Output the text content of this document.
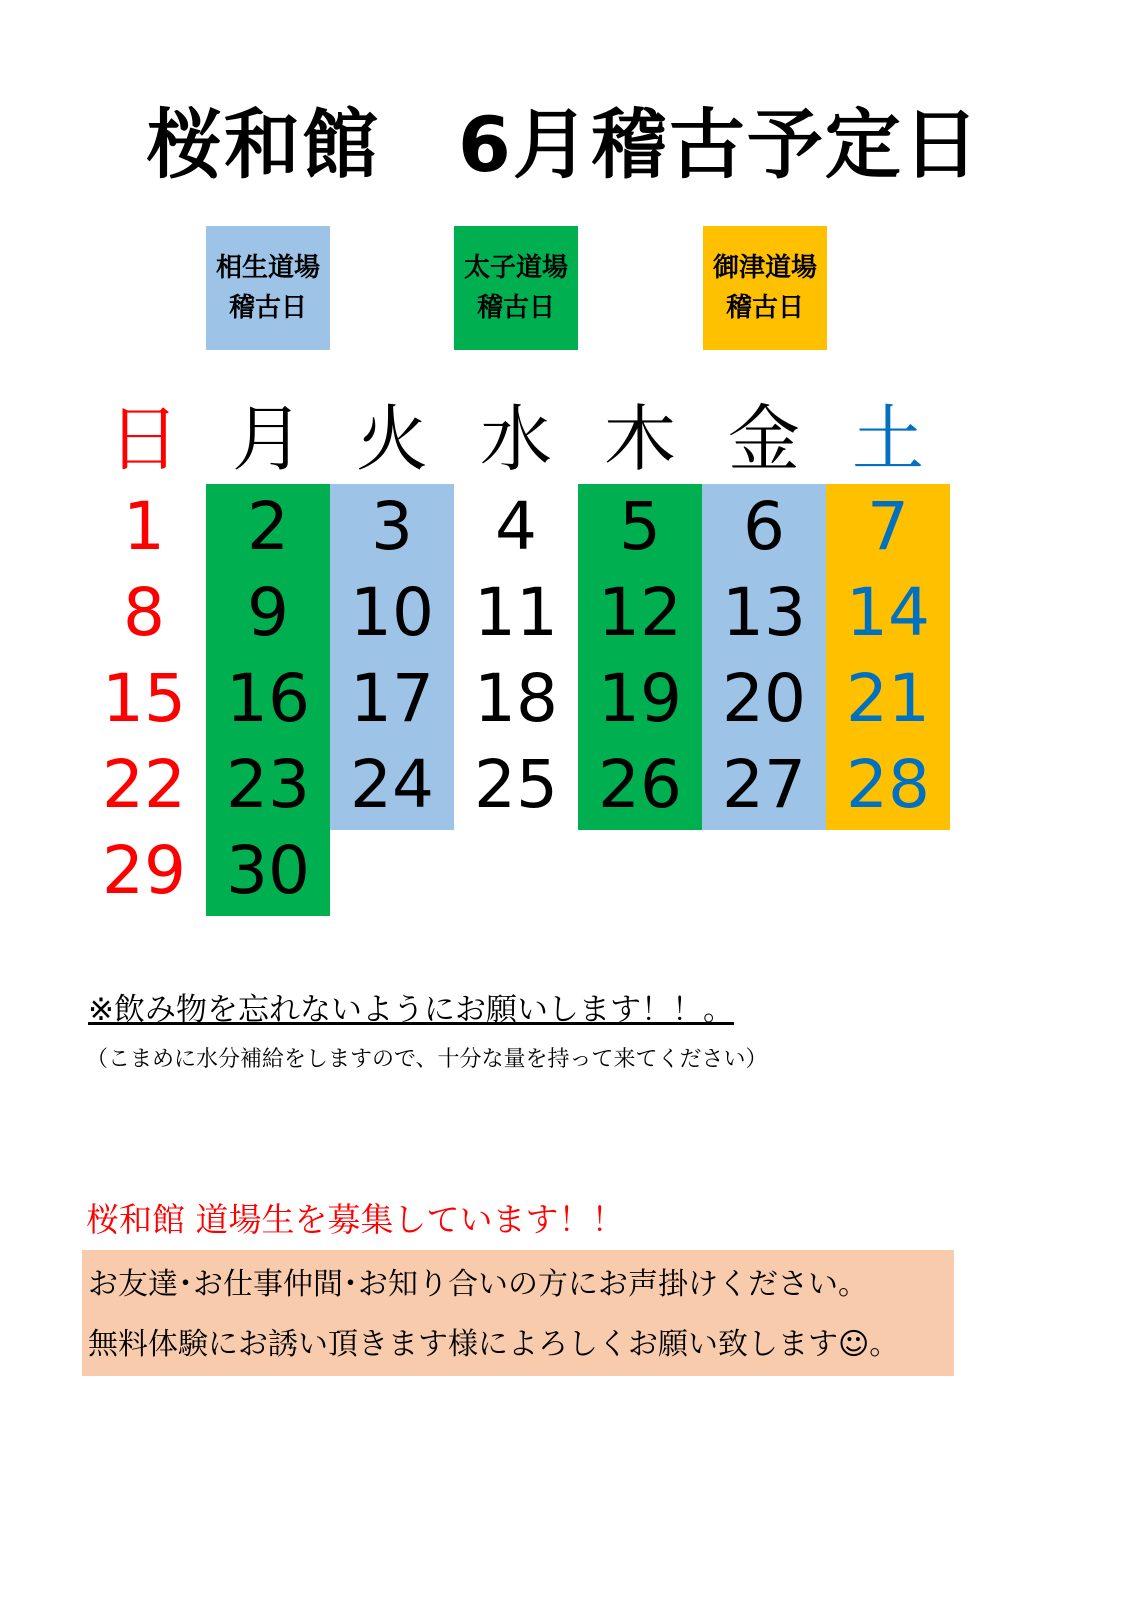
桜和館　6月稽古予定日
相生道場
稽古日
太子道場
稽古日
御津道場
稽古日
日 月 火 水 木 金 土
1	2	3	4	5	6	7
8	9 10 11 12 13 14
15 16 17 18 19 20 21
22 23 24 25 26 27 28
29 30
※飲み物を忘れないようにお願いします！！。
（こまめに水分補給をしますので、十分な量を持って来てください）
桜和館 道場生を募集しています！！
お友達･お仕事仲間･お知り合いの方にお声掛けください。
無料体験にお誘い頂きます様によろしくお願い致します☺。
